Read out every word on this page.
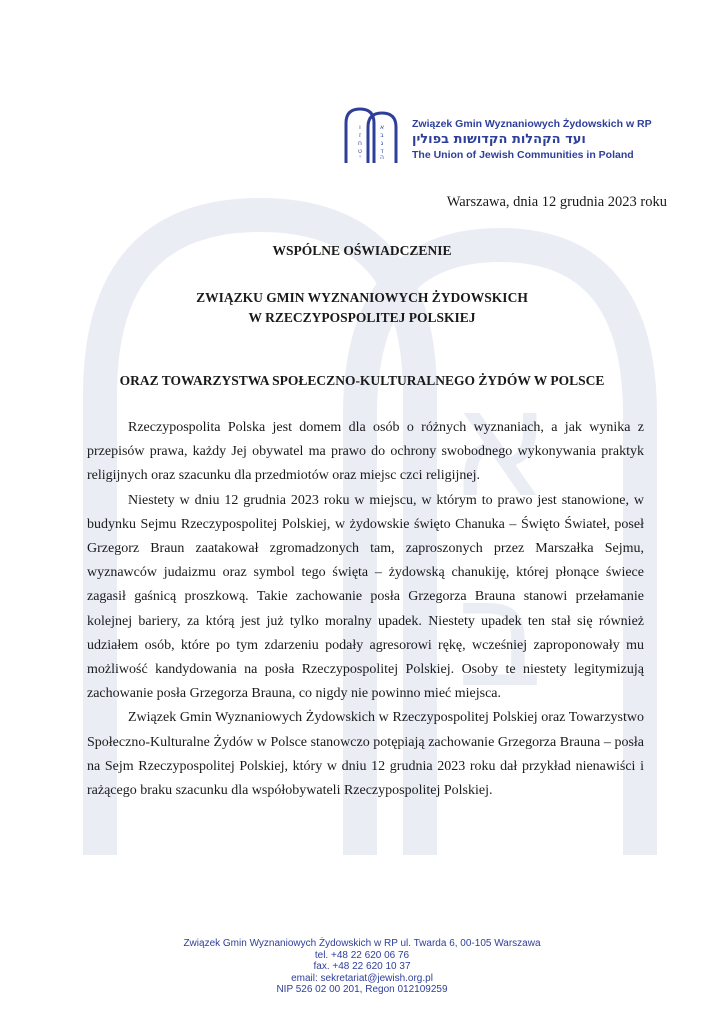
א
ב
ו
ז
ח
ט
י
א
ב
ג
ד
ה
Związek Gmin Wyznaniowych Żydowskich w RP
ועד הקהלות הקדושות בפולין
The Union of Jewish Communities in Poland
Warszawa, dnia 12 grudnia 2023 roku
WSPÓLNE OŚWIADCZENIE
ZWIĄZKU GMIN WYZNANIOWYCH ŻYDOWSKICH
W RZECZYPOSPOLITEJ POLSKIEJ
ORAZ TOWARZYSTWA SPOŁECZNO-KULTURALNEGO ŻYDÓW W POLSCE

Rzeczypospolita Polska jest domem dla osób o różnych wyznaniach, a jak wynika z przepisów prawa, każdy Jej obywatel ma prawo do ochrony swobodnego wykonywania praktyk religijnych oraz szacunku dla przedmiotów oraz miejsc czci religijnej.

Niestety w dniu 12 grudnia 2023 roku w miejscu, w którym to prawo jest stanowione, w budynku Sejmu Rzeczypospolitej Polskiej, w żydowskie święto Chanuka – Święto Świateł, poseł Grzegorz Braun zaatakował zgromadzonych tam, zaproszonych przez Marszałka Sejmu, wyznawców judaizmu oraz symbol tego święta – żydowską chanukiję, której płonące świece zagasił gaśnicą proszkową. Takie zachowanie posła Grzegorza Brauna stanowi przełamanie kolejnej bariery, za którą jest już tylko moralny upadek. Niestety upadek ten stał się również udziałem osób, które po tym zdarzeniu podały agresorowi rękę, wcześniej zaproponowały mu możliwość kandydowania na posła Rzeczypospolitej Polskiej. Osoby te niestety legitymizują zachowanie posła Grzegorza Brauna, co nigdy nie powinno mieć miejsca.

Związek Gmin Wyznaniowych Żydowskich w Rzeczypospolitej Polskiej oraz Towarzystwo Społeczno-Kulturalne Żydów w Polsce stanowczo potępiają zachowanie Grzegorza Brauna – posła na Sejm Rzeczypospolitej Polskiej, który w dniu 12 grudnia 2023 roku dał przykład nienawiści i rażącego braku szacunku dla współobywateli Rzeczypospolitej Polskiej.

Związek Gmin Wyznaniowych Żydowskich w RP ul. Twarda 6, 00-105 Warszawa
tel. +48 22 620 06 76
fax. +48 22 620 10 37
email: sekretariat@jewish.org.pl
NIP 526 02 00 201, Regon 012109259
